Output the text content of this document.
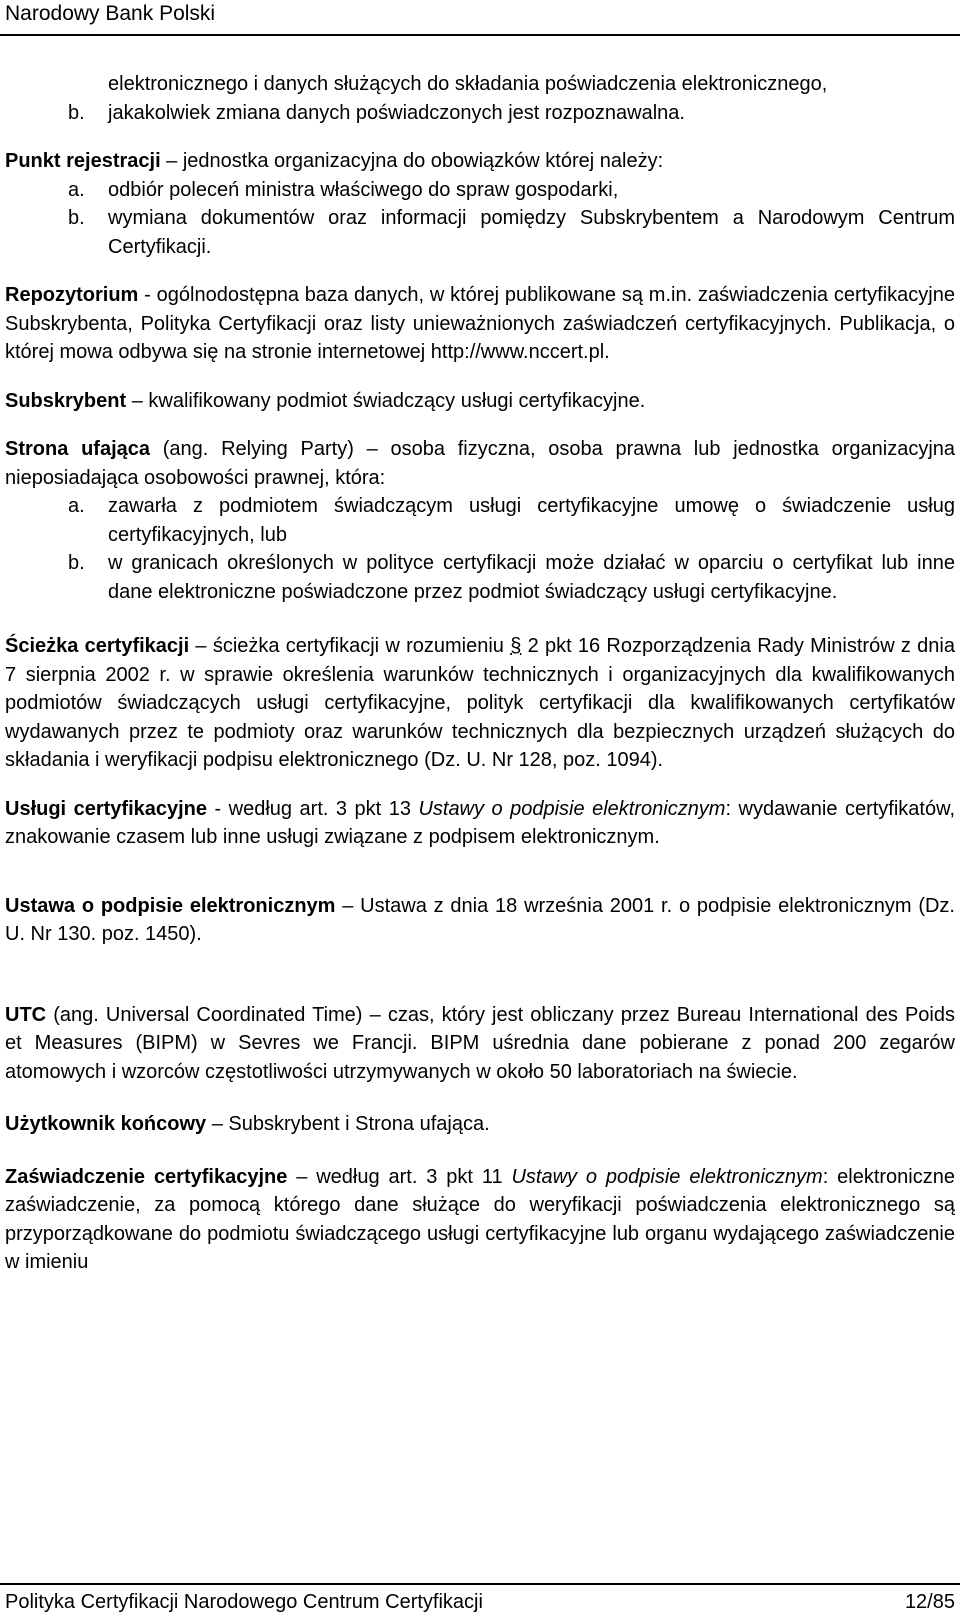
Narodowy Bank Polski

elektronicznego i danych służących do składania poświadczenia elektronicznego,

b.	jakakolwiek zmiana danych poświadczonych jest rozpoznawalna.

Punkt rejestracji – jednostka organizacyjna do obowiązków której należy:

a.	odbiór poleceń ministra właściwego do spraw gospodarki,
b.	wymiana dokumentów oraz informacji pomiędzy Subskrybentem a Narodowym Centrum Certyfikacji.

Repozytorium - ogólnodostępna baza danych, w której publikowane są m.in. zaświadczenia certyfikacyjne Subskrybenta, Polityka Certyfikacji oraz listy unieważnionych zaświadczeń certyfikacyjnych. Publikacja, o której mowa odbywa się na stronie internetowej http://www.nccert.pl.

Subskrybent – kwalifikowany podmiot świadczący usługi certyfikacyjne.

Strona ufająca (ang. Relying Party) – osoba fizyczna, osoba prawna lub jednostka organizacyjna nieposiadająca osobowości prawnej, która:

a.	zawarła z podmiotem świadczącym usługi certyfikacyjne umowę o świadczenie usług certyfikacyjnych, lub
b.	w granicach określonych w polityce certyfikacji może działać w oparciu o certyfikat lub inne dane elektroniczne poświadczone przez podmiot świadczący usługi certyfikacyjne.

Ścieżka certyfikacji – ścieżka certyfikacji w rozumieniu § 2 pkt 16 Rozporządzenia Rady Ministrów z dnia 7 sierpnia 2002 r. w sprawie określenia warunków technicznych i organizacyjnych dla kwalifikowanych podmiotów świadczących usługi certyfikacyjne, polityk certyfikacji dla kwalifikowanych certyfikatów wydawanych przez te podmioty oraz warunków technicznych dla bezpiecznych urządzeń służących do składania i weryfikacji podpisu elektronicznego (Dz. U. Nr 128, poz. 1094).

Usługi certyfikacyjne - według art. 3 pkt 13 Ustawy o podpisie elektronicznym: wydawanie certyfikatów, znakowanie czasem lub inne usługi związane z podpisem elektronicznym.

Ustawa o podpisie elektronicznym – Ustawa z dnia 18 września 2001 r. o podpisie elektronicznym (Dz. U. Nr 130. poz. 1450).

UTC (ang. Universal Coordinated Time) – czas, który jest obliczany przez Bureau International des Poids et Measures (BIPM) w Sevres we Francji. BIPM uśrednia dane pobierane z ponad 200 zegarów atomowych i wzorców częstotliwości utrzymywanych w około 50 laboratoriach na świecie.

Użytkownik końcowy – Subskrybent i Strona ufająca.

Zaświadczenie certyfikacyjne – według art. 3 pkt 11 Ustawy o podpisie elektronicznym: elektroniczne zaświadczenie, za pomocą którego dane służące do weryfikacji poświadczenia elektronicznego są przyporządkowane do podmiotu świadczącego usługi certyfikacyjne lub organu wydającego zaświadczenie w imieniu

Polityka Certyfikacji Narodowego Centrum Certyfikacji	12/85
